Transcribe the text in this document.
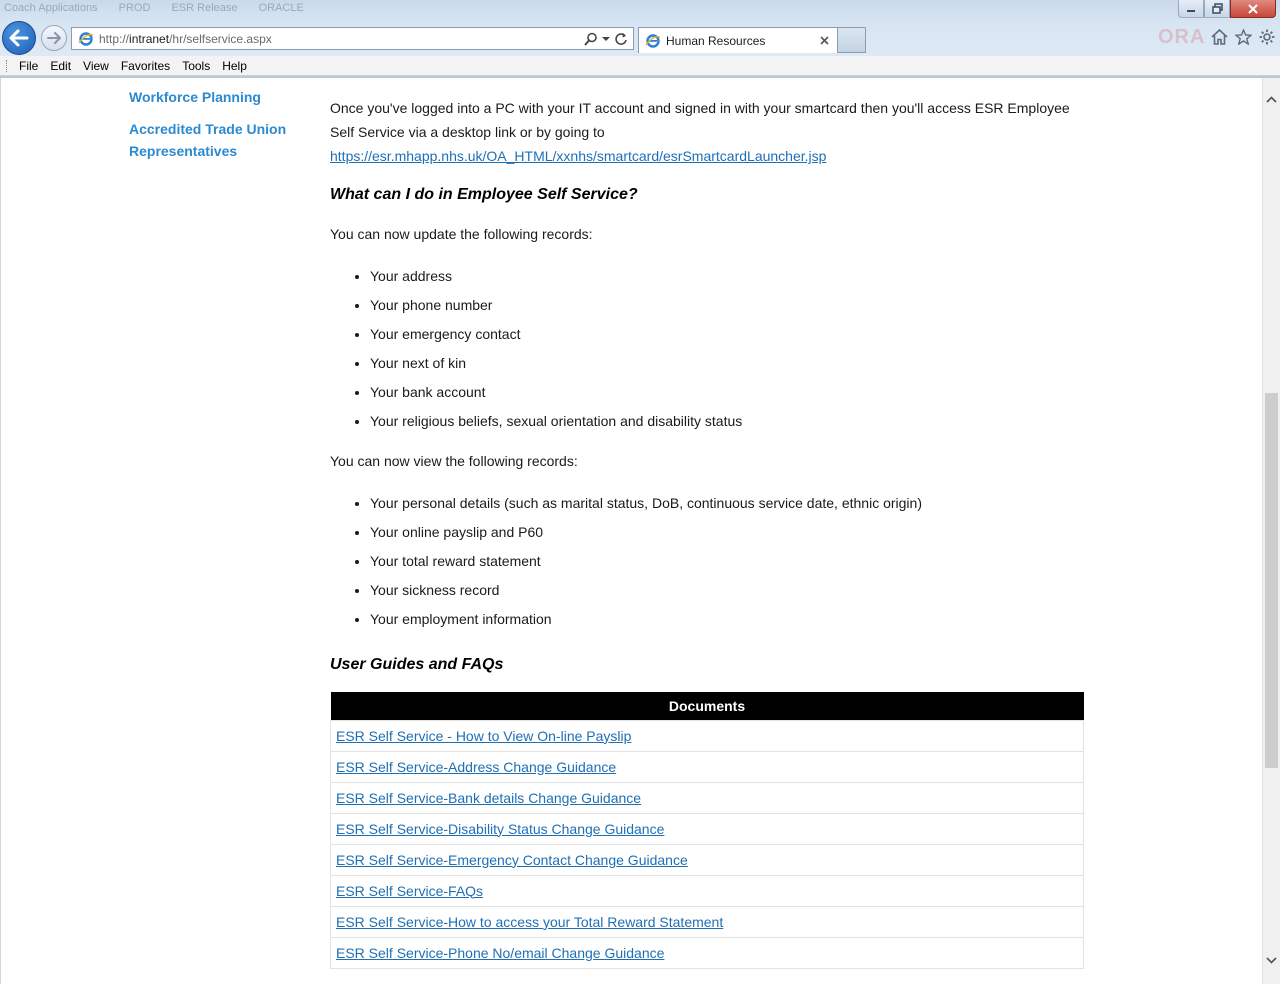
Coach Applications PROD ESR Release ORACLE
ORA
http://intranet/hr/selfservice.aspx	Human Resources
File	Edit	View	Favorites	Tools	Help
Workforce Planning
Accredited Trade Union Representatives

Once you've logged into a PC with your IT account and signed in with your smartcard then you'll access ESR Employee Self Service via a desktop link or by going to
https://esr.mhapp.nhs.uk/OA_HTML/xxnhs/smartcard/esrSmartcardLauncher.jsp

What can I do in Employee Self Service?

You can now update the following records:

• Your address
• Your phone number
• Your emergency contact
• Your next of kin
• Your bank account
• Your religious beliefs, sexual orientation and disability status

You can now view the following records:

• Your personal details (such as marital status, DoB, continuous service date, ethnic origin)
• Your online payslip and P60
• Your total reward statement
• Your sickness record
• Your employment information
User Guides and FAQs
Documents
ESR Self Service - How to View On-line Payslip
ESR Self Service-Address Change Guidance
ESR Self Service-Bank details Change Guidance
ESR Self Service-Disability Status Change Guidance
ESR Self Service-Emergency Contact Change Guidance
ESR Self Service-FAQs
ESR Self Service-How to access your Total Reward Statement
ESR Self Service-Phone No/email Change Guidance
